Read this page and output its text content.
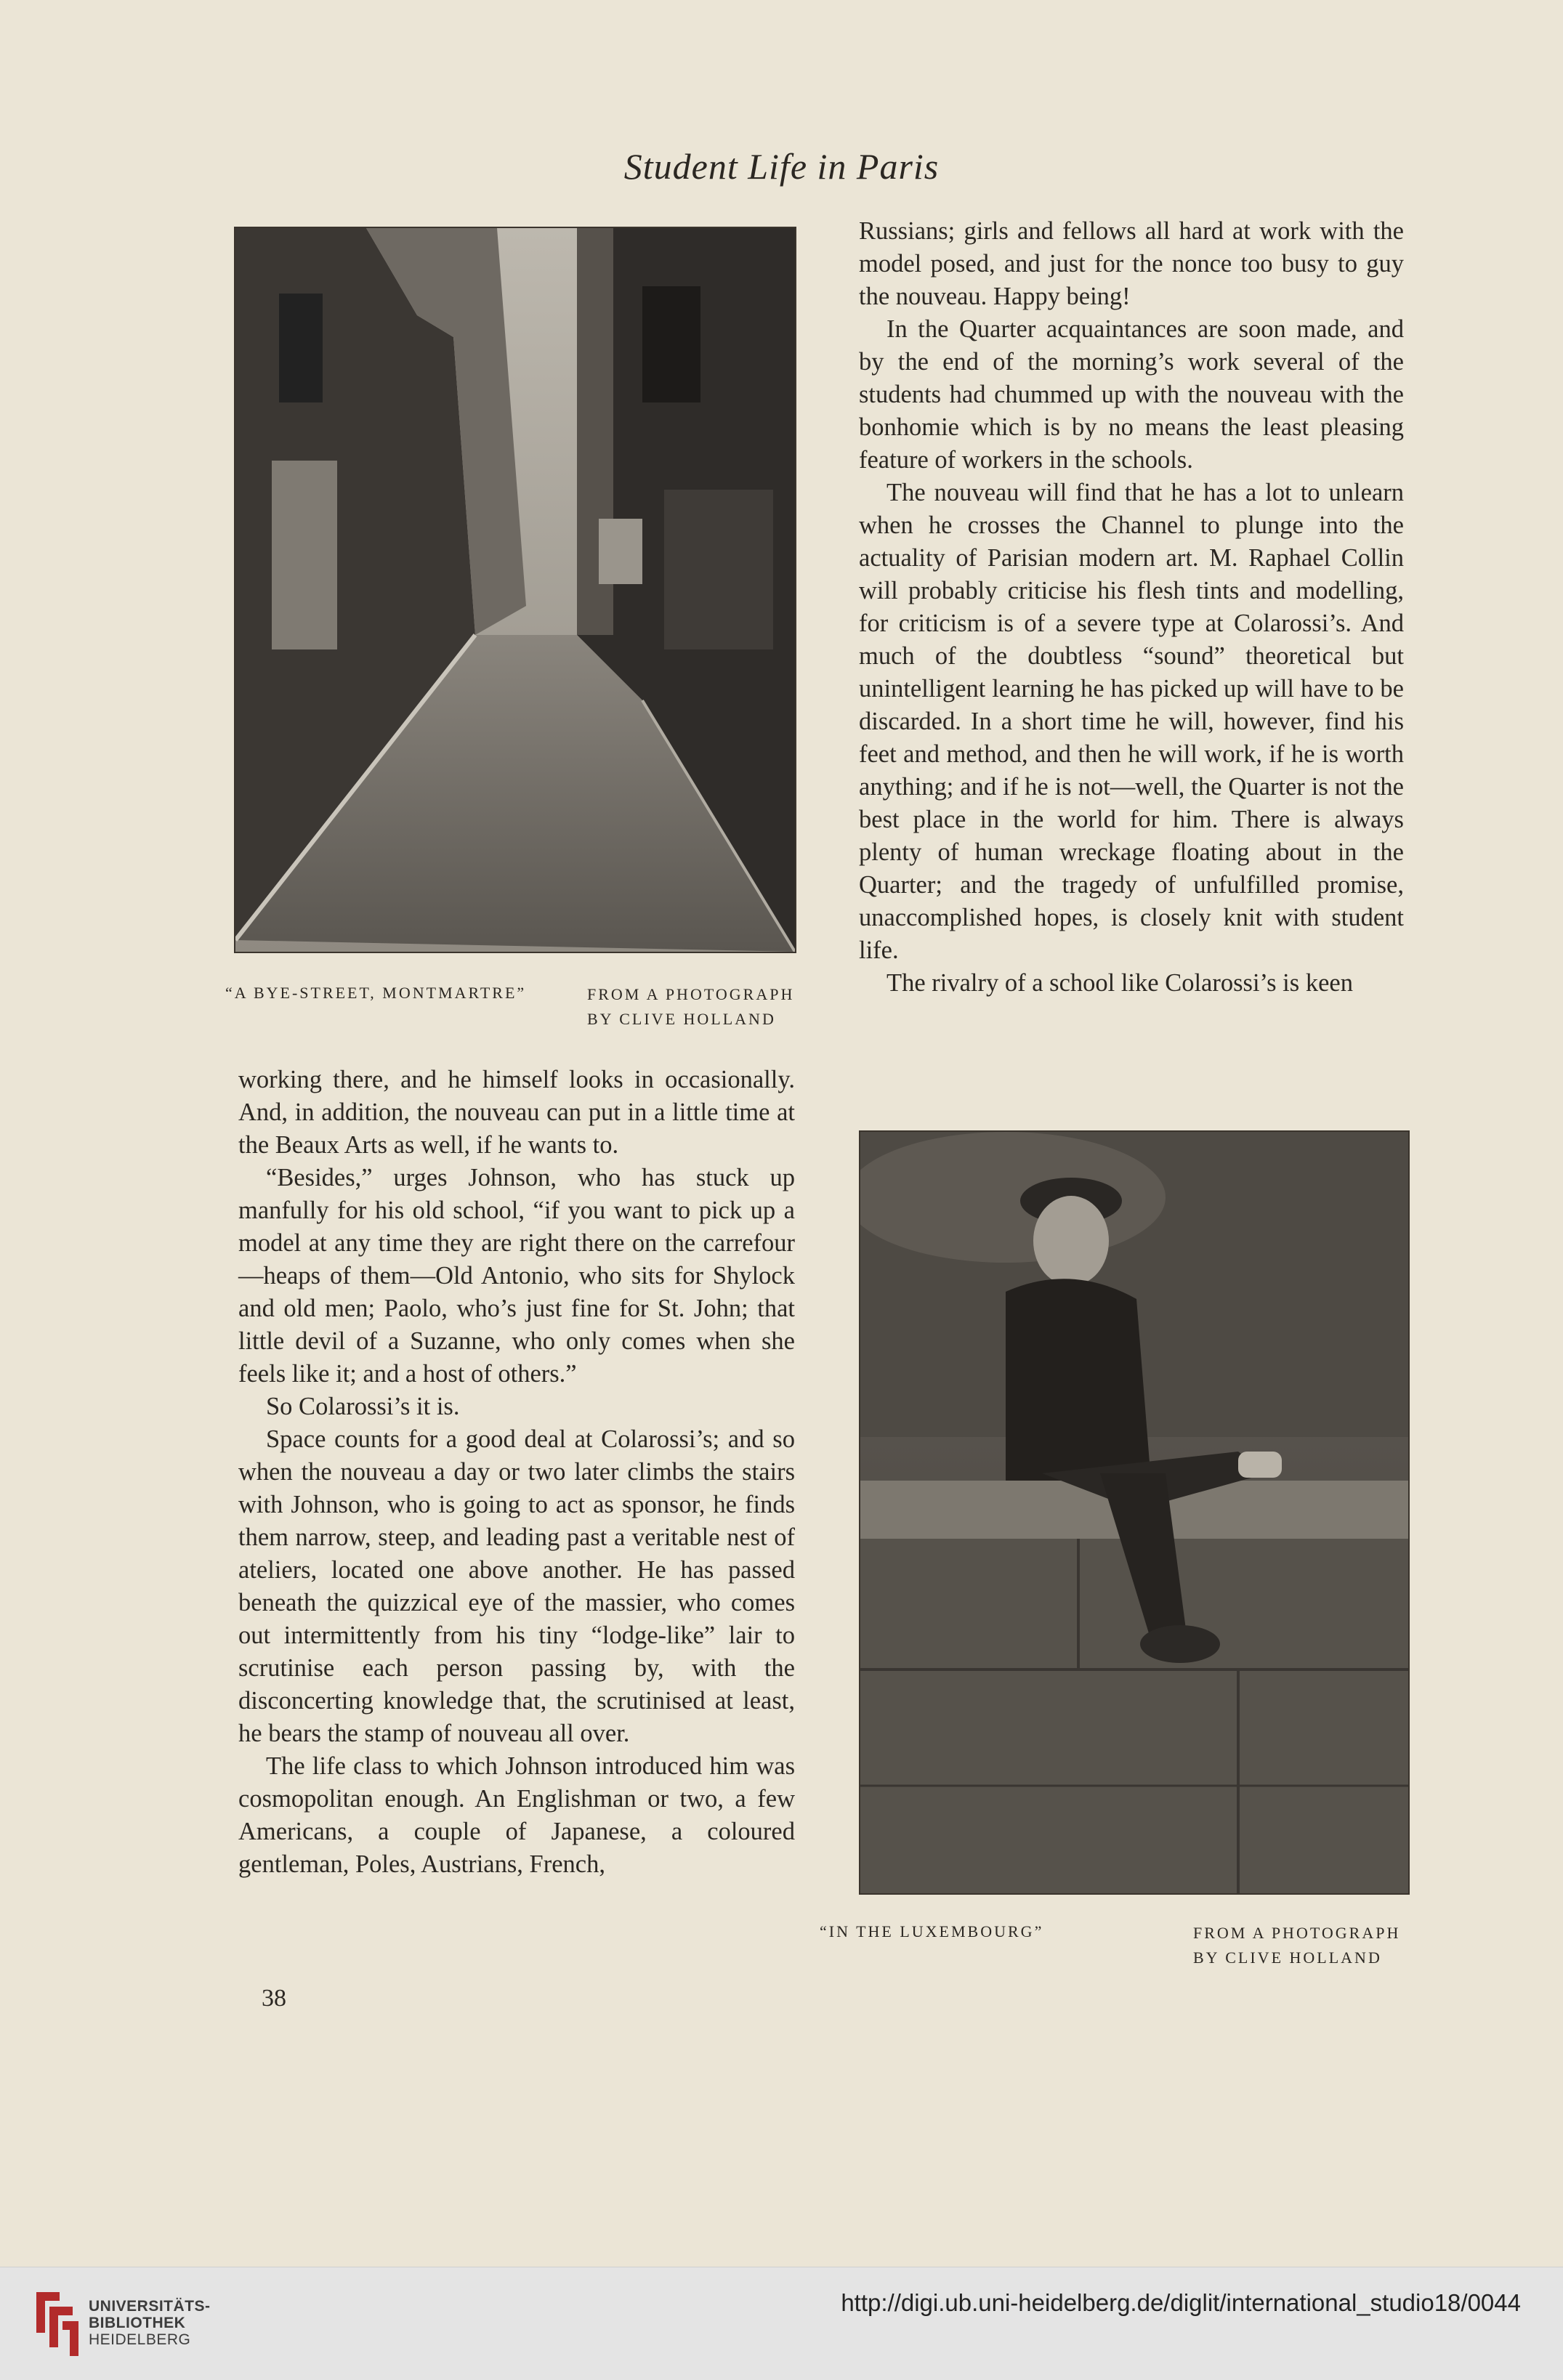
Student Life in Paris
“A BYE-STREET, MONTMARTRE”	FROM A PHOTOGRAPH
BY CLIVE HOLLAND

Russians; girls and fellows all hard at work with the model posed, and just for the nonce too busy to guy the nouveau. Happy being!

In the Quarter acquaintances are soon made, and by the end of the morning’s work several of the students had chummed up with the nouveau with the bonhomie which is by no means the least pleasing feature of workers in the schools.

The nouveau will find that he has a lot to unlearn when he crosses the Channel to plunge into the actuality of Parisian modern art. M. Raphael Collin will probably criticise his flesh tints and modelling, for criticism is of a severe type at Colarossi’s. And much of the doubtless “sound” theoretical but unintelligent learning he has picked up will have to be discarded. In a short time he will, however, find his feet and method, and then he will work, if he is worth anything; and if he is not—well, the Quarter is not the best place in the world for him. There is always plenty of human wreckage floating about in the Quarter; and the tragedy of unfulfilled promise, unaccomplished hopes, is closely knit with student life.

The rivalry of a school like Colarossi’s is keen

working there, and he himself looks in occasionally. And, in addition, the nouveau can put in a little time at the Beaux Arts as well, if he wants to.

“Besides,” urges Johnson, who has stuck up manfully for his old school, “if you want to pick up a model at any time they are right there on the carrefour—heaps of them—Old Antonio, who sits for Shylock and old men; Paolo, who’s just fine for St. John; that little devil of a Suzanne, who only comes when she feels like it; and a host of others.”

So Colarossi’s it is.

Space counts for a good deal at Colarossi’s; and so when the nouveau a day or two later climbs the stairs with Johnson, who is going to act as sponsor, he finds them narrow, steep, and leading past a veritable nest of ateliers, located one above another. He has passed beneath the quizzical eye of the massier, who comes out intermittently from his tiny “lodge-like” lair to scrutinise each person passing by, with the disconcerting knowledge that, the scrutinised at least, he bears the stamp of nouveau all over.

The life class to which Johnson introduced him was cosmopolitan enough. An Englishman or two, a few Americans, a couple of Japanese, a coloured gentleman, Poles, Austrians, French,

“IN THE LUXEMBOURG”	FROM A PHOTOGRAPH
BY CLIVE HOLLAND
38
UNIVERSITÄTS-
BIBLIOTHEK
HEIDELBERG
http://digi.ub.uni-heidelberg.de/diglit/international_studio18/0044
